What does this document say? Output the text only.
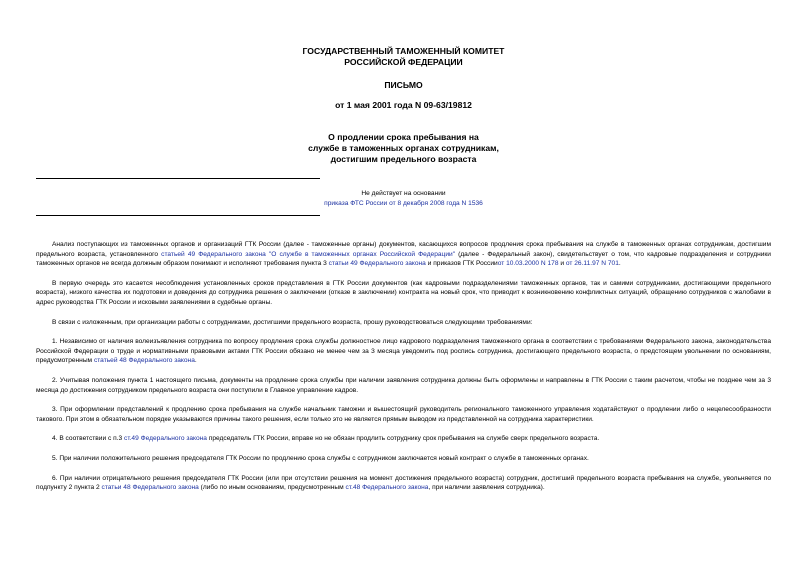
ГОСУДАРСТВЕННЫЙ ТАМОЖЕННЫЙ КОМИТЕТ
РОССИЙСКОЙ ФЕДЕРАЦИИ
ПИСЬМО
от 1 мая 2001 года N 09-63/19812
О продлении срока пребывания на
службе в таможенных органах сотрудникам,
достигшим предельного возраста
Не действует на основании
приказа ФТС России от 8 декабря 2008 года N 1536

Анализ поступающих из таможенных органов и организаций ГТК России (далее - таможенные органы) документов, касающихся вопросов продления срока пребывания на службе в таможенных органах сотрудникам, достигшим предельного возраста, установленного статьей 49 Федерального закона "О службе в таможенных органах Российской Федерации" (далее - Федеральный закон), свидетельствует о том, что кадровые подразделения и сотрудники таможенных органов не всегда должным образом понимают и исполняют требования пункта 3 статьи 49 Федерального закона и приказов ГТК Россииот 10.03.2000 N 178 и от 26.11.97 N 701.

В первую очередь это касается несоблюдения установленных сроков представления в ГТК России документов (как кадровыми подразделениями таможенных органов, так и самими сотрудниками, достигающими предельного возраста), низкого качества их подготовки и доведения до сотрудника решения о заключении (отказе в заключении) контракта на новый срок, что приводит к возникновению конфликтных ситуаций, обращению сотрудников с жалобами в адрес руководства ГТК России и исковыми заявлениями в судебные органы.

В связи с изложенным, при организации работы с сотрудниками, достигшими предельного возраста, прошу руководствоваться следующими требованиями:

1. Независимо от наличия волеизъявления сотрудника по вопросу продления срока службы должностное лицо кадрового подразделения таможенного органа в соответствии с требованиями Федерального закона, законодательства Российской Федерации о труде и нормативными правовыми актами ГТК России обязано не менее чем за 3 месяца уведомить под роспись сотрудника, достигающего предельного возраста, о предстоящем увольнении по основаниям, предусмотренным статьей 48 Федерального закона.

2. Учитывая положения пункта 1 настоящего письма, документы на продление срока службы при наличии заявления сотрудника должны быть оформлены и направлены в ГТК России с таким расчетом, чтобы не позднее чем за 3 месяца до достижения сотрудником предельного возраста они поступили в Главное управление кадров.

3. При оформлении представлений к продлению срока пребывания на службе начальник таможни и вышестоящий руководитель регионального таможенного управления ходатайствуют о продлении либо о нецелесообразности такового. При этом в обязательном порядке указываются причины такого решения, если только это не является прямым выводом из представленной на сотрудника характеристики.

4. В соответствии с п.3 ст.49 Федерального закона председатель ГТК России, вправе но не обязан продлить сотруднику срок пребывания на службе сверх предельного возраста.

5. При наличии положительного решения председателя ГТК России по продлению срока службы с сотрудником заключается новый контракт о службе в таможенных органах.

6. При наличии отрицательного решения председателя ГТК России (или при отсутствии решения на момент достижения предельного возраста) сотрудник, достигший предельного возраста пребывания на службе, увольняется по подпункту 2 пункта 2 статьи 48 Федерального закона (либо по иным основаниям, предусмотренным ст.48 Федерального закона, при наличии заявления сотрудника).
